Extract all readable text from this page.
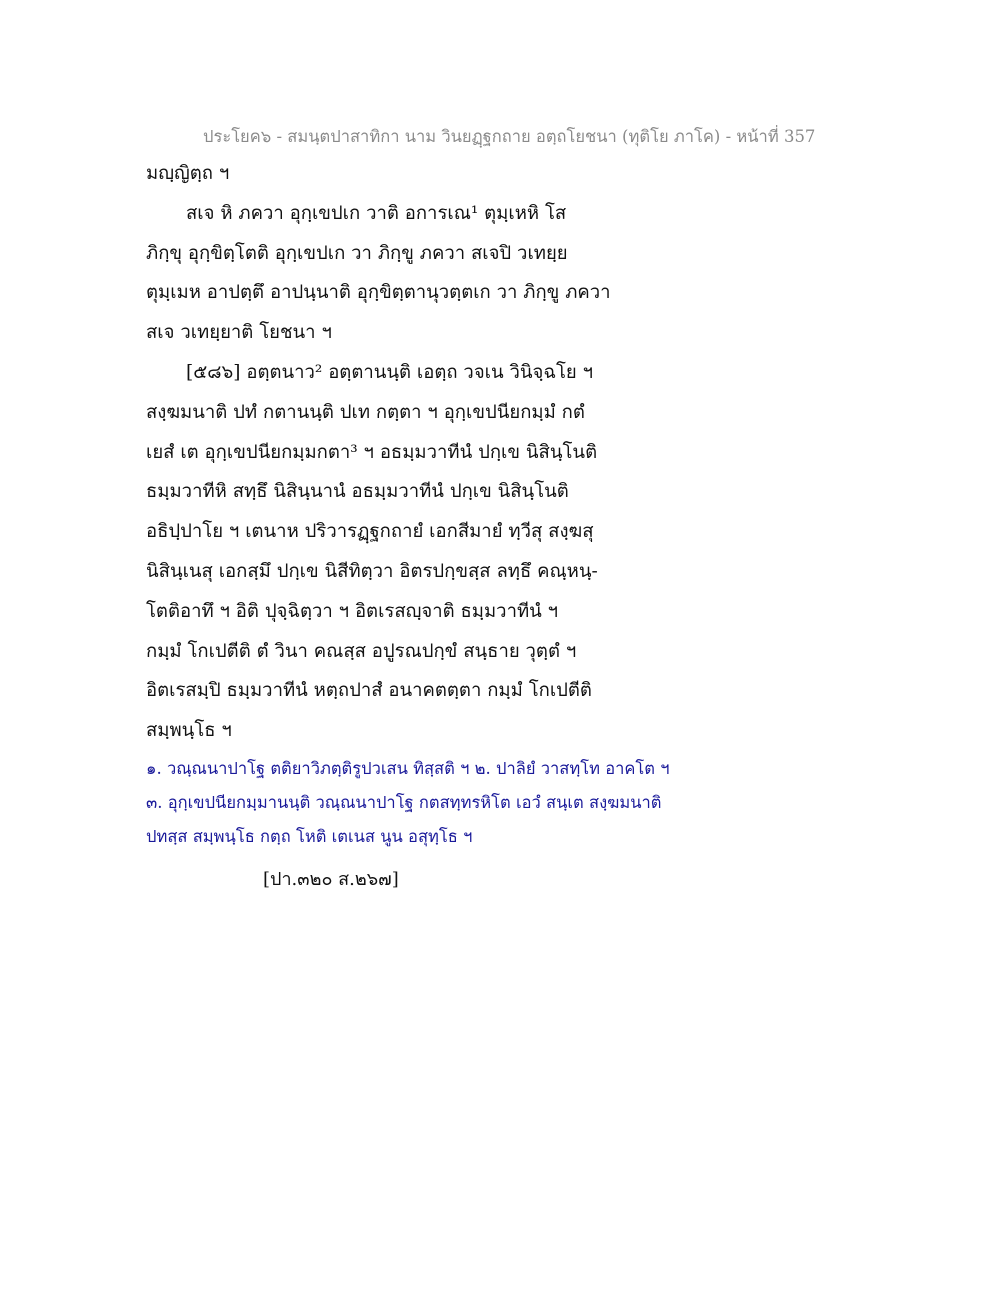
ประโยค๖ - สมนฺตปาสาทิกา นาม วินยฏฺฐกถาย อตฺถโยชนา (ทุติโย ภาโค) - หน้าที่ 357
มญฺญิตฺถ ฯ
สเจ หิ ภควา อุกฺเขปเก วาติ อการเณ¹ ตุมฺเหหิ โส
ภิกฺขุ อุกฺขิตฺโตติ อุกฺเขปเก วา ภิกฺขู ภควา สเจปิ วเทยฺย
ตุมฺเมห อาปตฺตึ อาปนฺนาติ อุกฺขิตฺตานุวตฺตเก วา ภิกฺขู ภควา
สเจ วเทยฺยาติ โยชนา ฯ
[๕๘๖] อตฺตนาว² อตฺตานนฺติ เอตฺถ วจเน วินิจฺฉโย ฯ
สงฺฆมนาติ ปทํ กตานนฺติ ปเท กตฺตา ฯ อุกฺเขปนียกมฺมํ กตํ
เยสํ เต อุกฺเขปนียกมฺมกตา³ ฯ อธมฺมวาทีนํ ปกฺเข นิสินฺโนติ
ธมฺมวาทีหิ สทฺธึ นิสินฺนานํ อธมฺมวาทีนํ ปกฺเข นิสินฺโนติ
อธิปฺปาโย ฯ เตนาห ปริวารฏฺฐกถายํ เอกสีมายํ ทฺวีสุ สงฺฆสุ
นิสินฺเนสุ เอกสฺมึ ปกฺเข นิสีทิตฺวา อิตรปกฺขสฺส ลทฺธึ คณฺหนฺ-
โตติอาทึ ฯ อิติ ปุจฺฉิตฺวา ฯ อิตเรสญฺจาติ ธมฺมวาทีนํ ฯ
กมฺมํ โกเปตีติ ตํ วินา คณสฺส อปูรณปกฺขํ สนฺธาย วุตฺตํ ฯ
อิตเรสมฺปิ ธมฺมวาทีนํ หตฺถปาสํ อนาคตตฺตา กมฺมํ โกเปตีติ
สมฺพนฺโธ ฯ
๑. วณฺณนาปาโฐ ตติยาวิภตฺติรูปวเสน ทิสฺสติ ฯ ๒. ปาลิยํ วาสทฺโท อาคโต ฯ
๓. อุกฺเขปนียกมฺมานนฺติ วณฺณนาปาโฐ กตสทฺทรหิโต เอวํ สนฺเต สงฺฆมนาติ
ปทสฺส สมฺพนฺโธ กตฺถ โหติ เตเนส นูน อสุทฺโธ ฯ
[ปา.๓๒๐ ส.๒๖๗]
